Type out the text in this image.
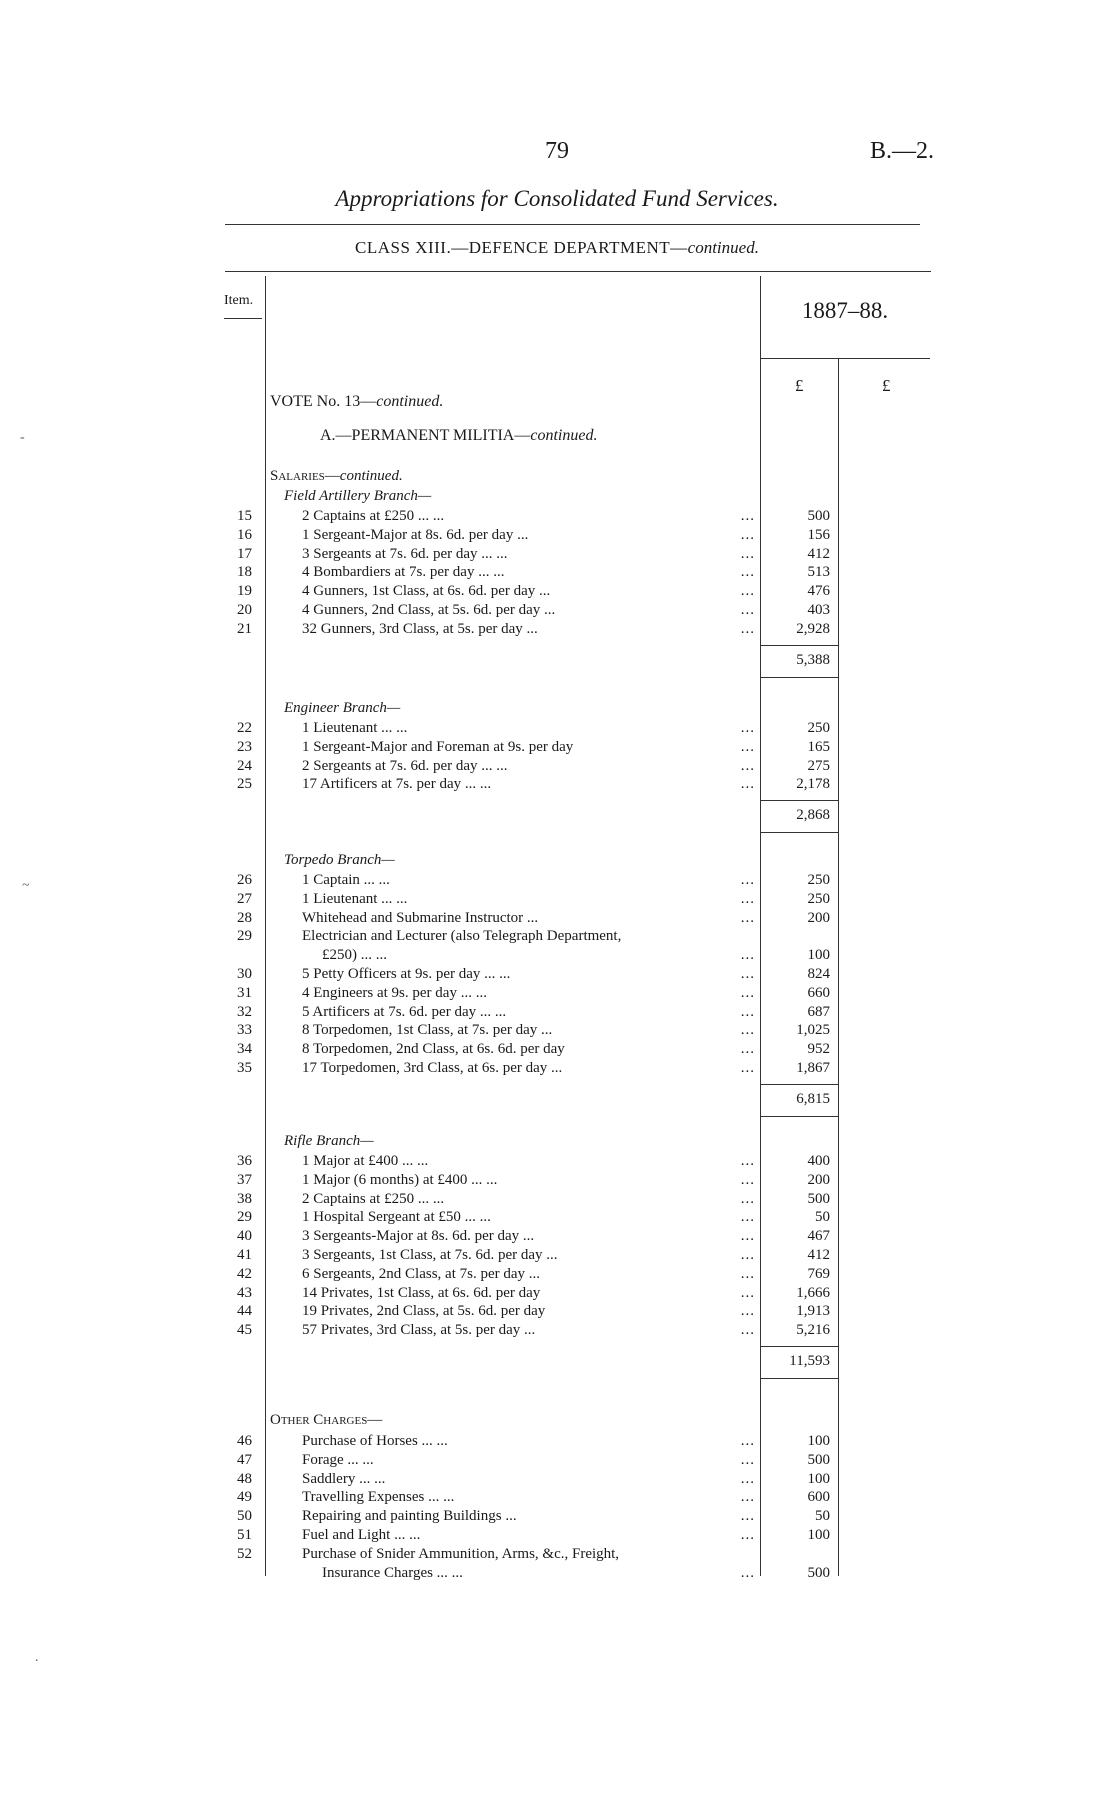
79	B.—2.
Appropriations for Consolidated Fund Services.
CLASS XIII.—DEFENCE DEPARTMENT—continued.
Item.	1887–88.
£	£
VOTE No. 13—continued.
A.—PERMANENT MILITIA—continued.
Salaries—continued.
Field Artillery Branch—
15	2 Captains at £250 ... ...	...	500
16	1 Sergeant-Major at 8s. 6d. per day ...	...	156
17	3 Sergeants at 7s. 6d. per day ... ...	...	412
18	4 Bombardiers at 7s. per day ... ...	...	513
19	4 Gunners, 1st Class, at 6s. 6d. per day ...	...	476
20	4 Gunners, 2nd Class, at 5s. 6d. per day ...	...	403
21	32 Gunners, 3rd Class, at 5s. per day ...	...	2,928
5,388
Engineer Branch—
22	1 Lieutenant ... ...	...	250
23	1 Sergeant-Major and Foreman at 9s. per day	...	165
24	2 Sergeants at 7s. 6d. per day ... ...	...	275
25	17 Artificers at 7s. per day ... ...	...	2,178
2,868
Torpedo Branch—
26	1 Captain ... ...	...	250
27	1 Lieutenant ... ...	...	250
28	Whitehead and Submarine Instructor ...	...	200
29	Electrician and Lecturer (also Telegraph Department,
£250) ... ...	...	100
30	5 Petty Officers at 9s. per day ... ...	...	824
31	4 Engineers at 9s. per day ... ...	...	660
32	5 Artificers at 7s. 6d. per day ... ...	...	687
33	8 Torpedomen, 1st Class, at 7s. per day ...	...	1,025
34	8 Torpedomen, 2nd Class, at 6s. 6d. per day	...	952
35	17 Torpedomen, 3rd Class, at 6s. per day ...	...	1,867
6,815
Rifle Branch—
36	1 Major at £400 ... ...	...	400
37	1 Major (6 months) at £400 ... ...	...	200
38	2 Captains at £250 ... ...	...	500
29	1 Hospital Sergeant at £50 ... ...	...	50
40	3 Sergeants-Major at 8s. 6d. per day ...	...	467
41	3 Sergeants, 1st Class, at 7s. 6d. per day ...	...	412
42	6 Sergeants, 2nd Class, at 7s. per day ...	...	769
43	14 Privates, 1st Class, at 6s. 6d. per day	...	1,666
44	19 Privates, 2nd Class, at 5s. 6d. per day	...	1,913
45	57 Privates, 3rd Class, at 5s. per day ...	...	5,216
11,593
Other Charges—
46	Purchase of Horses ... ...	...	100
47	Forage ... ...	...	500
48	Saddlery ... ...	...	100
49	Travelling Expenses ... ...	...	600
50	Repairing and painting Buildings ...	...	50
51	Fuel and Light ... ...	...	100
52	Purchase of Snider Ammunition, Arms, &c., Freight,
Insurance Charges ... ...	...	500
-
~
.
